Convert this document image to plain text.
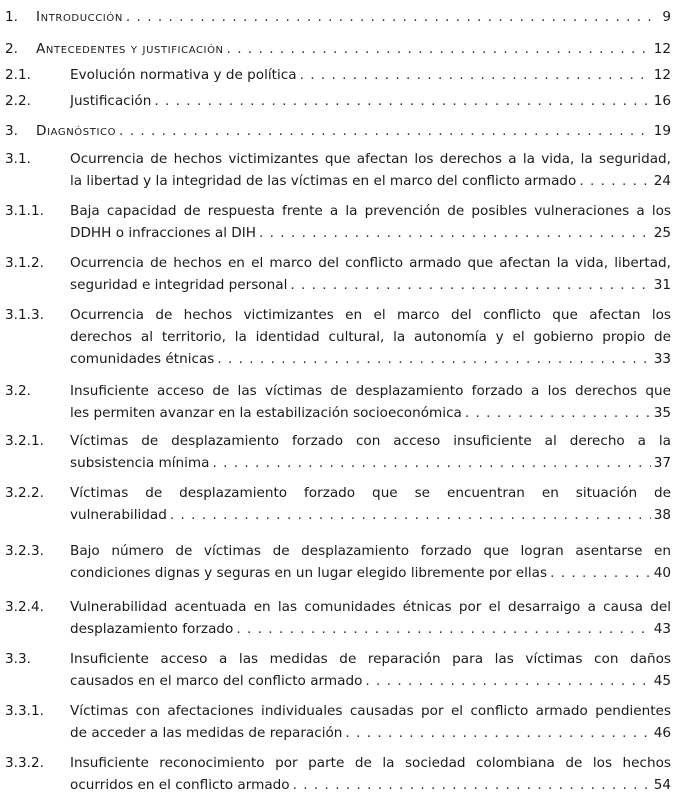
1. Introducción . . .	9
2. Antecedentes y justificación . . .	12
2.1.	Evolución normativa y de política . . .	12
2.2.	Justificación . . .	16
3. Diagnóstico . . .	19
3.1.	Ocurrencia de hechos victimizantes que afectan los derechos a la vida, la seguridad,
la libertad y la integridad de las víctimas en el marco del conflicto armado . . .	24
3.1.1. Baja capacidad de respuesta frente a la prevención de posibles vulneraciones a los
DDHH o infracciones al DIH . . .	25
3.1.2. Ocurrencia de hechos en el marco del conflicto armado que afectan la vida, libertad,
seguridad e integridad personal . . .	31
3.1.3. Ocurrencia de hechos victimizantes en el marco del conflicto que afectan los
derechos al territorio, la identidad cultural, la autonomía y el gobierno propio de
comunidades étnicas . . .	33
3.2.	Insuficiente acceso de las víctimas de desplazamiento forzado a los derechos que
les permiten avanzar en la estabilización socioeconómica . . .	35
3.2.1. Víctimas de desplazamiento forzado con acceso insuficiente al derecho a la
subsistencia mínima . . .	37
3.2.2. Víctimas de desplazamiento forzado que se encuentran en situación de
vulnerabilidad . . .	38
3.2.3. Bajo número de víctimas de desplazamiento forzado que logran asentarse en
condiciones dignas y seguras en un lugar elegido libremente por ellas . . .	40
3.2.4. Vulnerabilidad acentuada en las comunidades étnicas por el desarraigo a causa del
desplazamiento forzado . . .	43
3.3.	Insuficiente acceso a las medidas de reparación para las víctimas con daños
causados en el marco del conflicto armado . . .	45
3.3.1. Víctimas con afectaciones individuales causadas por el conflicto armado pendientes
de acceder a las medidas de reparación . . .	46
3.3.2. Insuficiente reconocimiento por parte de la sociedad colombiana de los hechos
ocurridos en el conflicto armado . . .	54
